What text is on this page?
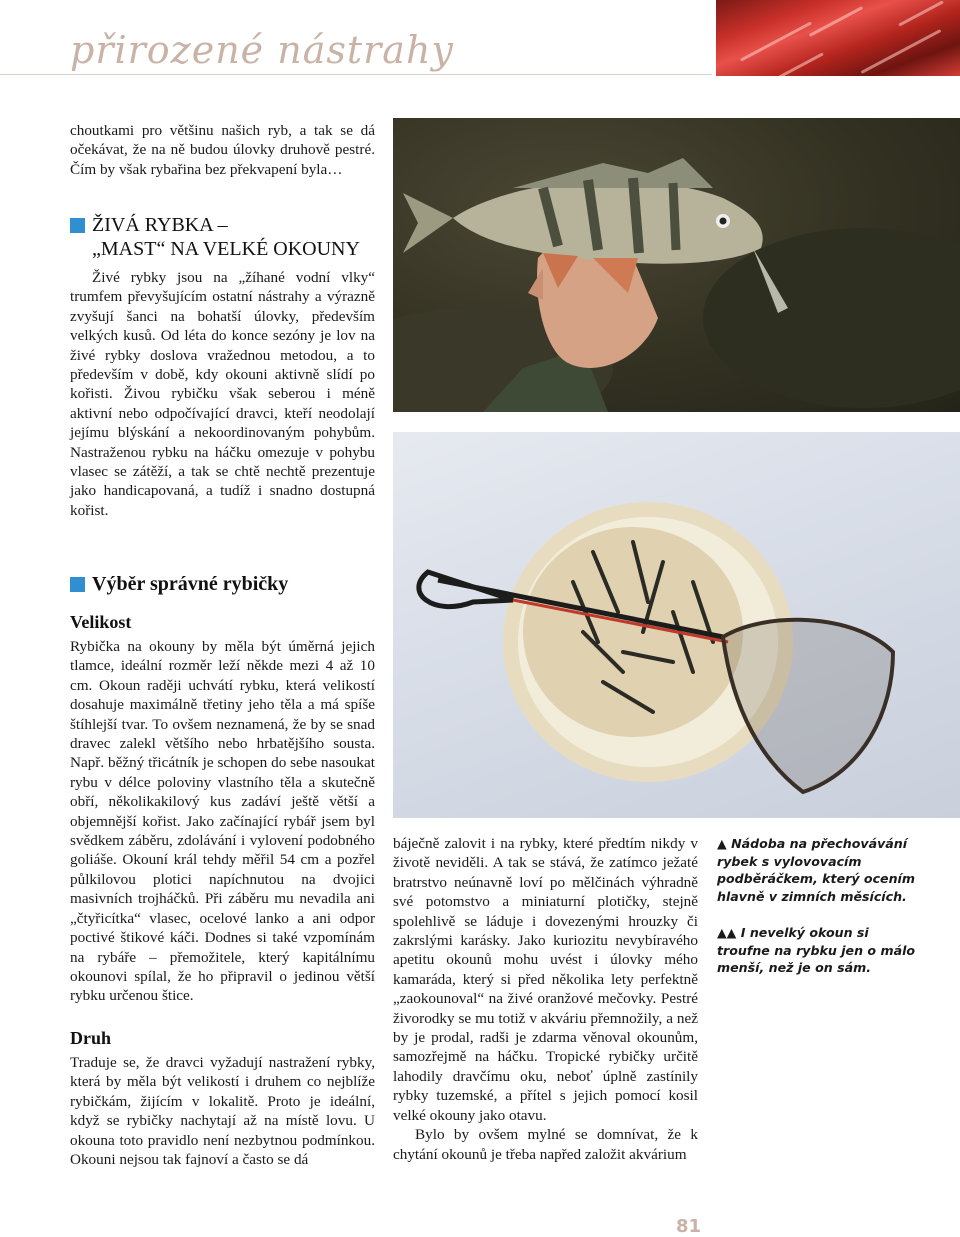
přirozené nástrahy

choutkami pro většinu našich ryb, a tak se dá očekávat, že na ně budou úlovky druhově pestré. Čím by však rybařina bez překvapení byla…

ŽIVÁ RYBKA –
„MAST“ NA VELKÉ OKOUNY

Živé rybky jsou na „žíhané vodní vlky“ trumfem převyšujícím ostatní nástrahy a výrazně zvyšují šanci na bohatší úlovky, především velkých kusů. Od léta do konce sezóny je lov na živé rybky doslova vražednou metodou, a to především v době, kdy okouni aktivně slídí po kořisti. Živou rybičku však seberou i méně aktivní nebo odpočívající dravci, kteří neodolají jejímu blýskání a nekoordinovaným pohybům. Nastraženou rybku na háčku omezuje v pohybu vlasec se zátěží, a tak se chtě nechtě prezentuje jako handicapovaná, a tudíž i snadno dostupná kořist.

Výběr správné rybičky
Velikost

Rybička na okouny by měla být úměrná jejich tlamce, ideální rozměr leží někde mezi 4 až 10 cm. Okoun raději uchvátí rybku, která velikostí dosahuje maximálně třetiny jeho těla a má spíše štíhlejší tvar. To ovšem neznamená, že by se snad dravec zalekl většího nebo hrbatějšího sousta. Např. běžný třicátník je schopen do sebe nasoukat rybu v délce poloviny vlastního těla a skutečně obří, několikakilový kus zadáví ještě větší a objemnější kořist. Jako začínající rybář jsem byl svědkem záběru, zdolávání i vylovení podobného goliáše. Okouní král tehdy měřil 54 cm a pozřel půlkilovou plotici napíchnutou na dvojici masivních trojháčků. Při záběru mu nevadila ani „čtyřicítka“ vlasec, ocelové lanko a ani odpor poctivé štikové káči. Dodnes si také vzpomínám na rybáře – přemožitele, který kapitálnímu okounovi spílal, že ho připravil o jedinou větší rybku určenou štice.

Druh

Traduje se, že dravci vyžadují nastražení rybky, která by měla být velikostí i druhem co nejblíže rybičkám, žijícím v lokalitě. Proto je ideální, když se rybičky nachytají až na místě lovu. U okouna toto pravidlo není nezbytnou podmínkou. Okouni nejsou tak fajnoví a často se dá

báječně zalovit i na rybky, které předtím nikdy v životě neviděli. A tak se stává, že zatímco ježaté bratrstvo neúnavně loví po mělčinách výhradně své potomstvo a miniaturní plotičky, stejně spolehlivě se láduje i dovezenými hrouzky či zakrslými karásky. Jako kuriozitu nevybíravého apetitu okounů mohu uvést i úlovky mého kamaráda, který si před několika lety perfektně „zaokounoval“ na živé oranžové mečovky. Pestré živorodky se mu totiž v akváriu přemnožily, a než by je prodal, radši je zdarma věnoval okounům, samozřejmě na háčku. Tropické rybičky určitě lahodily dravčímu oku, neboť úplně zastínily rybky tuzemské, a přítel s jejich pomocí kosil velké okouny jako otavu.

Bylo by ovšem mylné se domnívat, že k chytání okounů je třeba napřed založit akvárium

▲ Nádoba na přechovávání rybek s vylovovacím podběráčkem, který ocením hlavně v zimních měsících.
▲▲ I nevelký okoun si troufne na rybku jen o málo menší, než je on sám.
81
